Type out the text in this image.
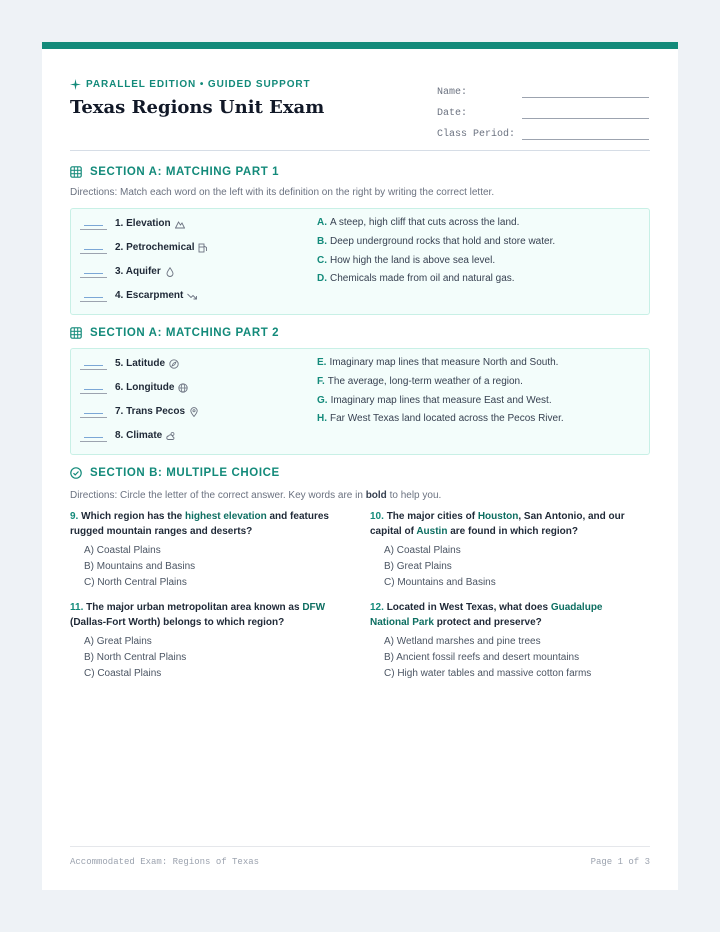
PARALLEL EDITION • GUIDED SUPPORT
Texas Regions Unit Exam
Name:
Date:
Class Period:
SECTION A: MATCHING PART 1
Directions: Match each word on the left with its definition on the right by writing the correct letter.
1. Elevation
2. Petrochemical
3. Aquifer
4. Escarpment
A. A steep, high cliff that cuts across the land.
B. Deep underground rocks that hold and store water.
C. How high the land is above sea level.
D. Chemicals made from oil and natural gas.
SECTION A: MATCHING PART 2
5. Latitude
6. Longitude
7. Trans Pecos
8. Climate
E. Imaginary map lines that measure North and South.
F. The average, long-term weather of a region.
G. Imaginary map lines that measure East and West.
H. Far West Texas land located across the Pecos River.
SECTION B: MULTIPLE CHOICE
Directions: Circle the letter of the correct answer. Key words are in bold to help you.
9. Which region has the highest elevation and features rugged mountain ranges and deserts?
A) Coastal Plains
B) Mountains and Basins
C) North Central Plains
10. The major cities of Houston, San Antonio, and our capital of Austin are found in which region?
A) Coastal Plains
B) Great Plains
C) Mountains and Basins
11. The major urban metropolitan area known as DFW (Dallas-Fort Worth) belongs to which region?
A) Great Plains
B) North Central Plains
C) Coastal Plains
12. Located in West Texas, what does Guadalupe National Park protect and preserve?
A) Wetland marshes and pine trees
B) Ancient fossil reefs and desert mountains
C) High water tables and massive cotton farms
Accommodated Exam: Regions of Texas	Page 1 of 3
